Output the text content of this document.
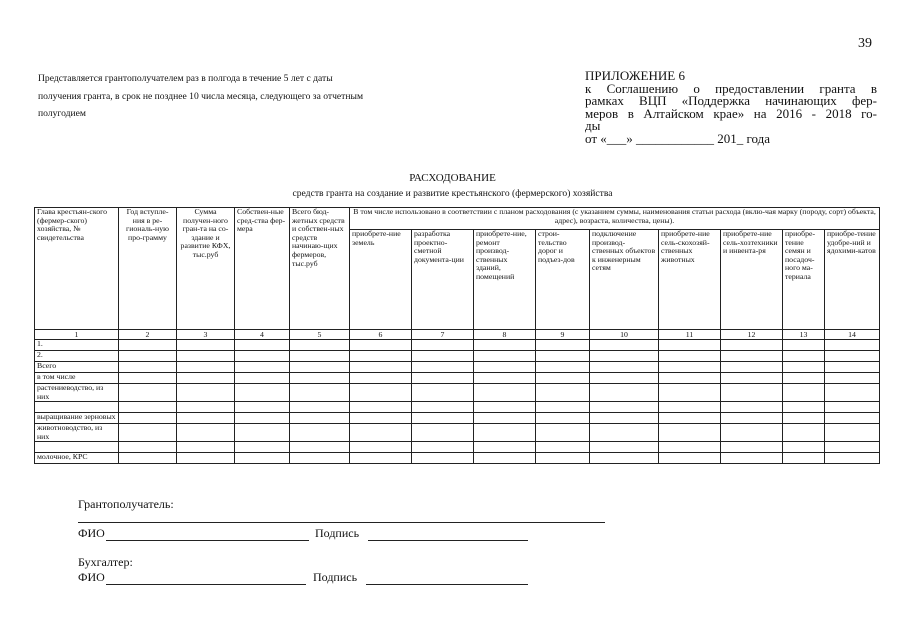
39
Представляется грантополучателем раз в полгода в течение 5 лет с даты получения гранта, в срок не позднее 10 числа месяца, следующего за отчетным полугодием
ПРИЛОЖЕНИЕ 6
к Соглашению о предоставлении гранта в
рамках ВЦП «Поддержка начинающих фер-
меров в Алтайском крае» на 2016 - 2018 го-
ды
от «___» ____________ 201_ года
РАСХОДОВАНИЕ
средств гранта на создание и развитие крестьянского (фермерского) хозяйства
Глава крестьян-ского (фермер-ского) хозяйства, № свидетельства	Год вступле-ния в ре-гиональ-ную про-грамму	Сумма получен-ного гран-та на со-здание и развитие КФХ, тыс.руб	Собствен-ные сред-ства фер-мера	Всего бюд-жетных средств и собствен-ных средств начинаю-щих фермеров, тыс.руб	В том числе использовано в соответствии с планом расходования (с указанием суммы, наименования статьи расхода (вклю-чая марку (породу, сорт) объекта, адрес), возраста, количества, цены).								
					приобрете-ние земель	разработка проектно-сметной документа-ции	приобрете-ние, ремонт производ-ственных зданий, помещений	строи-тельство дорог и подъез-дов	подключение производ-ственных объектов к инженерным сетям	приобрете-ние сель-скохозяй-ственных животных	приобрете-ние сель-хозтехники и инвента-ря	приобре-тение семян и посадоч-ного ма-териала	приобре-тение удобре-ний и ядохими-катов
1	2	3	4	5	6	7	8	9	10	11	12	13	14
1.													
2.													
Всего													
в том числе													
растениеводство, из них													

выращивание зерновых													
животноводство, из них													

молочное, КРС													
Грантополучатель:
ФИО	Подпись
Бухгалтер:
ФИО	Подпись
